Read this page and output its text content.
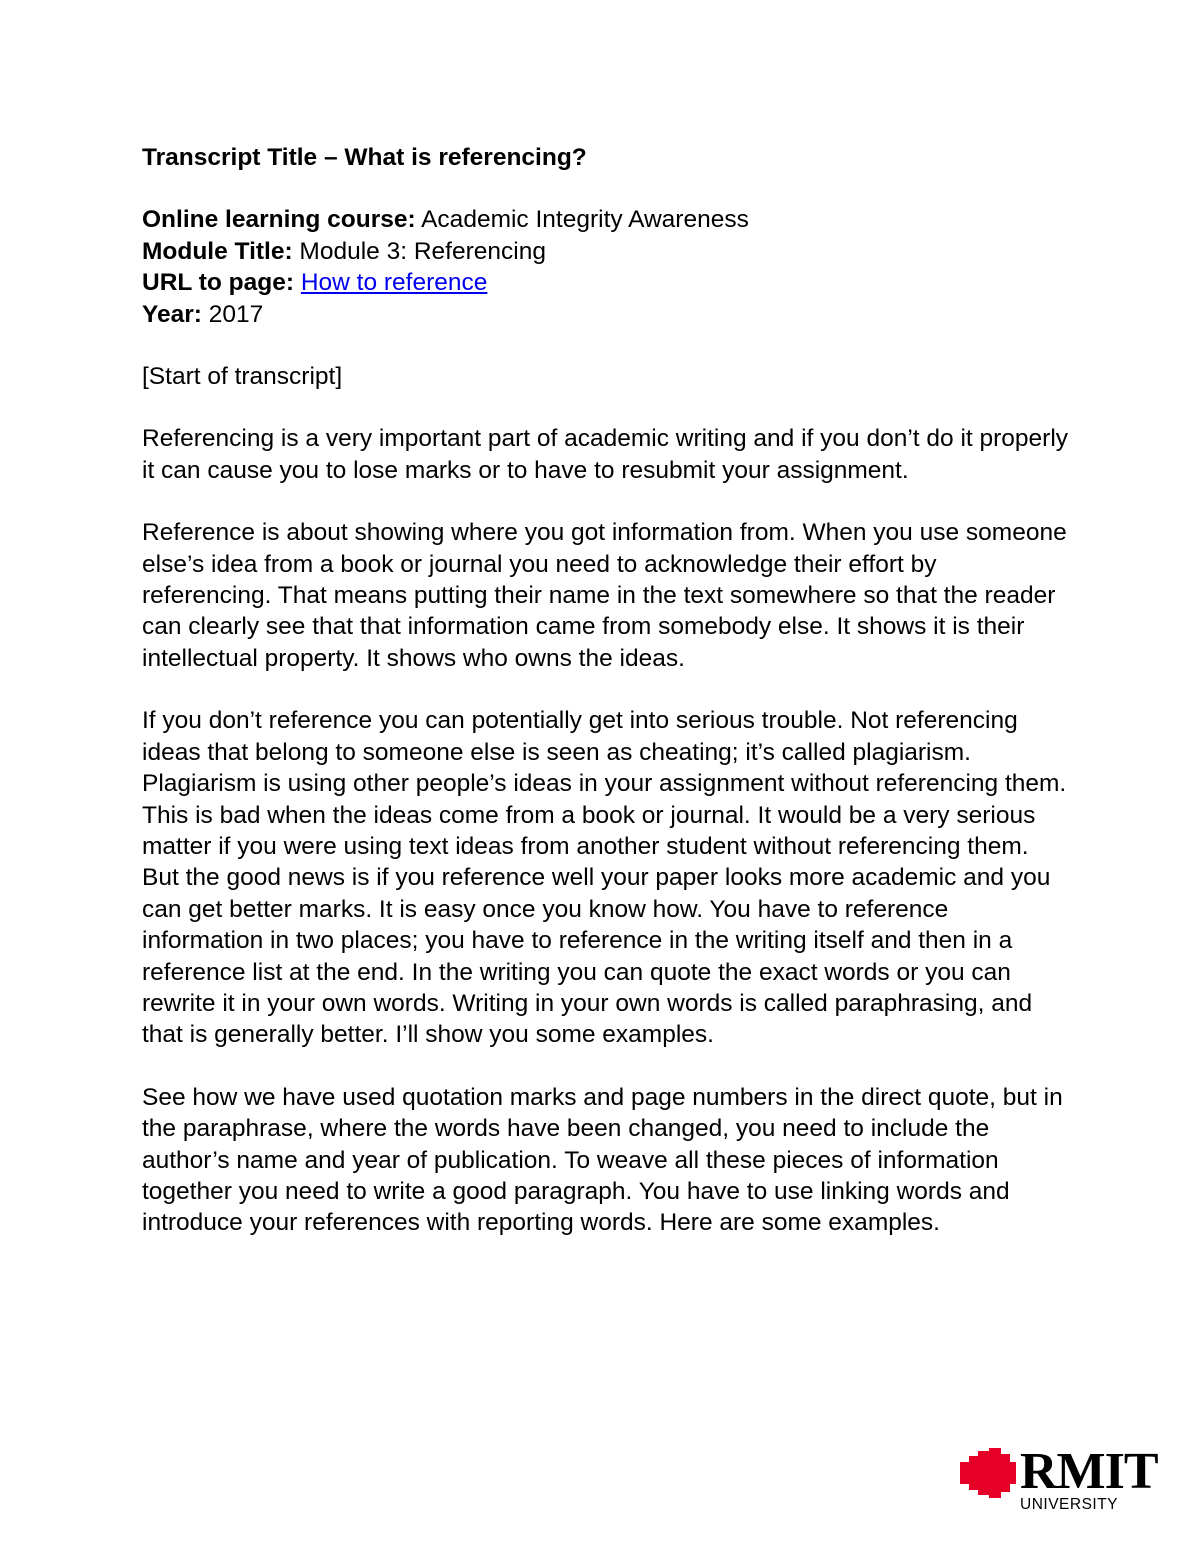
Transcript Title – What is referencing?

Online learning course: Academic Integrity Awareness

Module Title: Module 3: Referencing

URL to page: How to reference

Year: 2017

[Start of transcript]

Referencing is a very important part of academic writing and if you don’t do it properly it can cause you to lose marks or to have to resubmit your assignment.

Reference is about showing where you got information from. When you use someone else’s idea from a book or journal you need to acknowledge their effort by referencing. That means putting their name in the text somewhere so that the reader can clearly see that that information came from somebody else. It shows it is their intellectual property. It shows who owns the ideas.

If you don’t reference you can potentially get into serious trouble. Not referencing ideas that belong to someone else is seen as cheating; it’s called plagiarism. Plagiarism is using other people’s ideas in your assignment without referencing them. This is bad when the ideas come from a book or journal. It would be a very serious matter if you were using text ideas from another student without referencing them. But the good news is if you reference well your paper looks more academic and you can get better marks. It is easy once you know how. You have to reference information in two places; you have to reference in the writing itself and then in a reference list at the end. In the writing you can quote the exact words or you can rewrite it in your own words. Writing in your own words is called paraphrasing, and that is generally better. I’ll show you some examples.

See how we have used quotation marks and page numbers in the direct quote, but in the paraphrase, where the words have been changed, you need to include the author’s name and year of publication. To weave all these pieces of information together you need to write a good paragraph. You have to use linking words and introduce your references with reporting words. Here are some examples.

RMIT
UNIVERSITY
